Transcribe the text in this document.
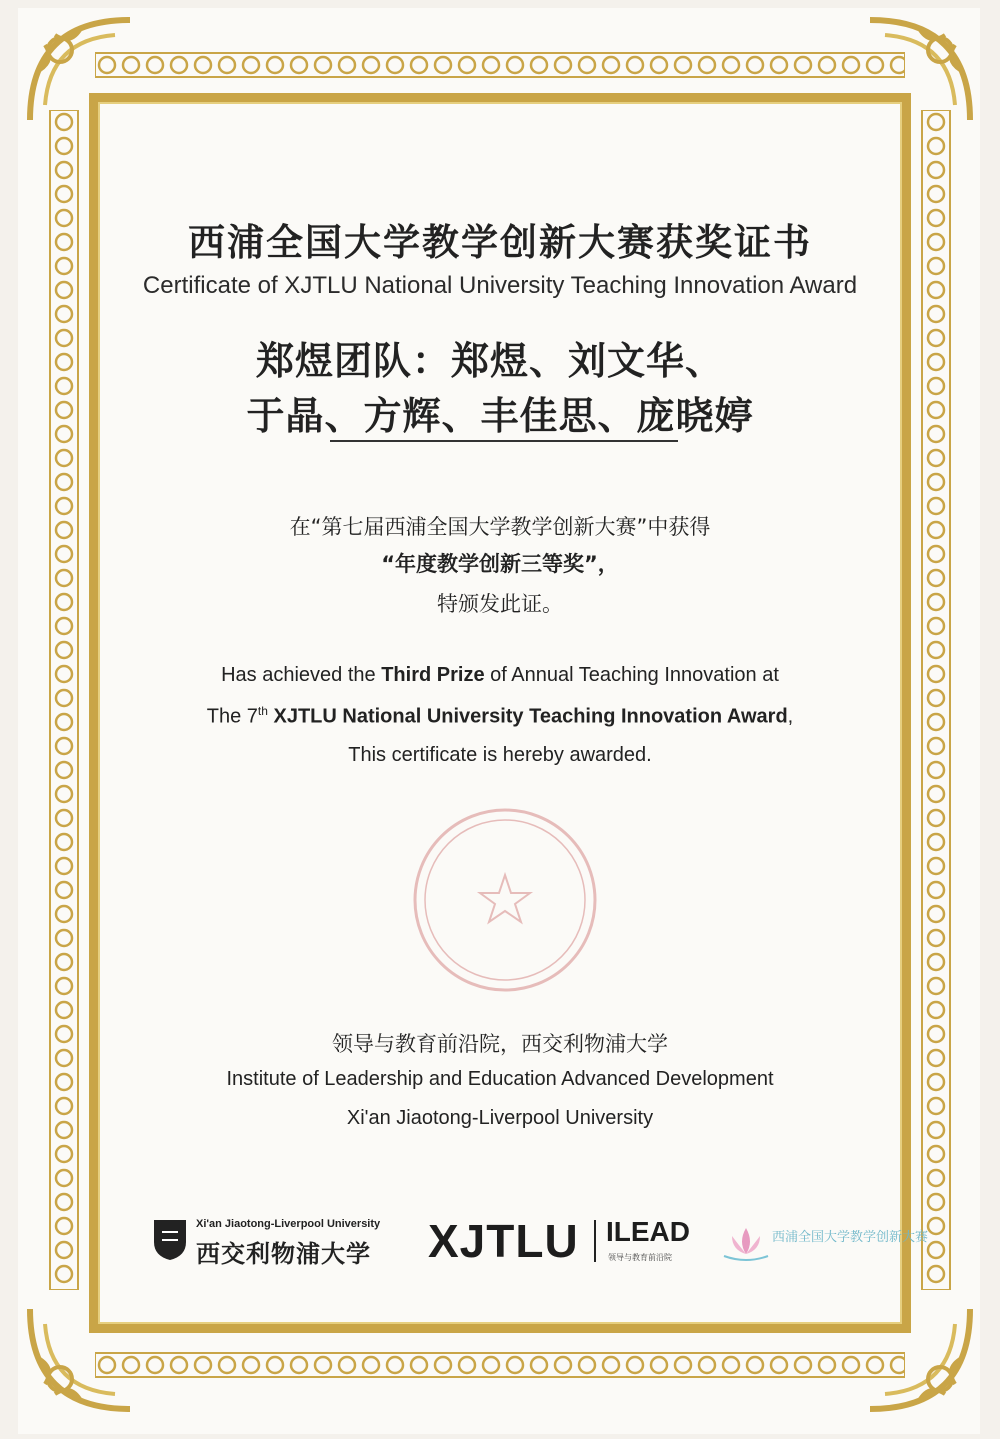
西浦全国大学教学创新大赛获奖证书
Certificate of XJTLU National University Teaching Innovation Award
郑煜团队：郑煜、刘文华、
于晶、方辉、丰佳思、庞晓婷
在“第七届西浦全国大学教学创新大赛”中获得
“年度教学创新三等奖”，
特颁发此证。
Has achieved the Third Prize of Annual Teaching Innovation at
The 7th XJTLU National University Teaching Innovation Award,
This certificate is hereby awarded.
领导与教育前沿院，西交利物浦大学
Institute of Leadership and Education Advanced Development
Xi'an Jiaotong-Liverpool University
Xi'an Jiaotong-Liverpool University
西交利物浦大学 XJTLU ILEAD
领导与教育前沿院
西浦全国大学教学创新大赛
